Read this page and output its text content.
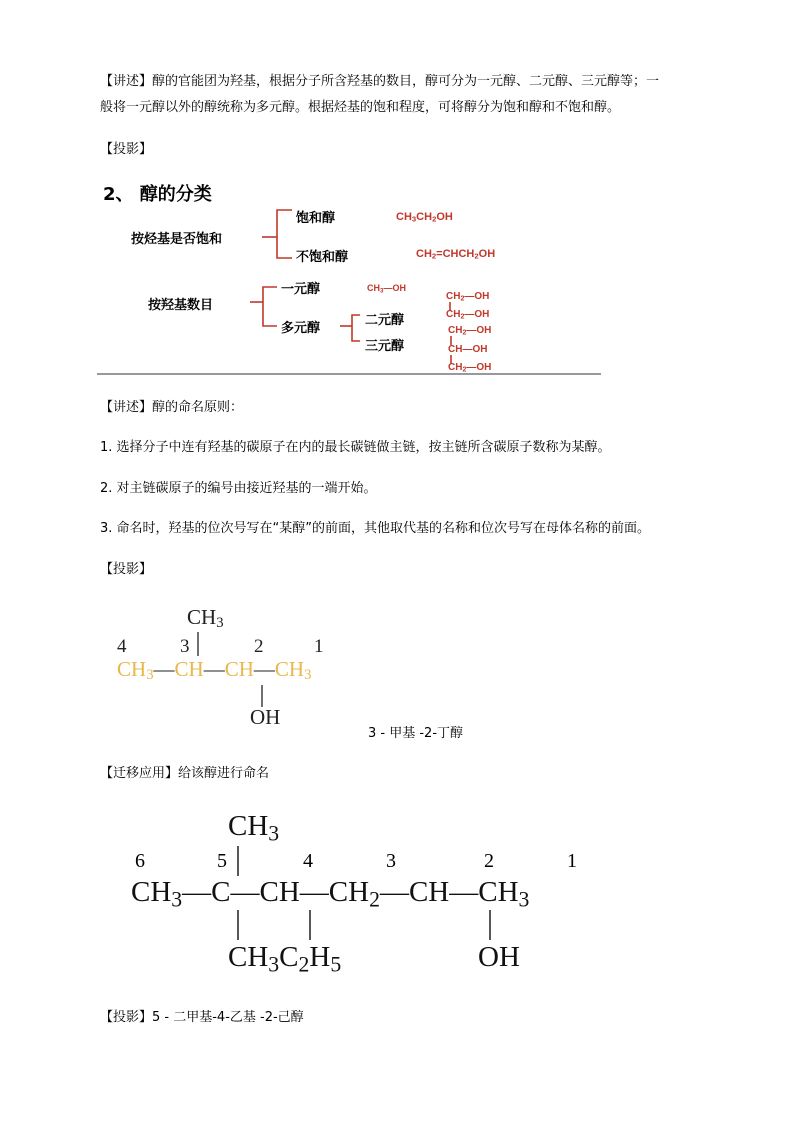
【讲述】醇的官能团为羟基，根据分子所含羟基的数目，醇可分为一元醇、二元醇、三元醇等；一
般将一元醇以外的醇统称为多元醇。根据烃基的饱和程度，可将醇分为饱和醇和不饱和醇。
【投影】
2、 醇的分类
按烃基是否饱和
饱和醇	$CH_3CH_2OH$
不饱和醇	$CH_2=CHCH_2OH$
按羟基数目
一元醇	$CH_3—OH$
多元醇
二元醇
三元醇
$CH_2—OH$
$CH_2—OH$
$CH_2—OH$
CH—OH
$CH_2—OH$
【讲述】醇的命名原则：
1. 选择分子中连有羟基的碳原子在内的最长碳链做主链，按主链所含碳原子数称为某醇。
2. 对主链碳原子的编号由接近羟基的一端开始。
3. 命名时，羟基的位次号写在“某醇”的前面，其他取代基的名称和位次号写在母体名称的前面。
【投影】
$CH_3$
4	3	2	1
$CH_3—CH—CH—CH_3$
OH
3 - 甲基 -2-丁醇
【迁移应用】给该醇进行命名
CH3
6	5	4	3	2	1
CH3—C—CH—CH2—CH—CH3
CH3C2H5	OH
【投影】5 - 二甲基-4-乙基 -2-己醇
